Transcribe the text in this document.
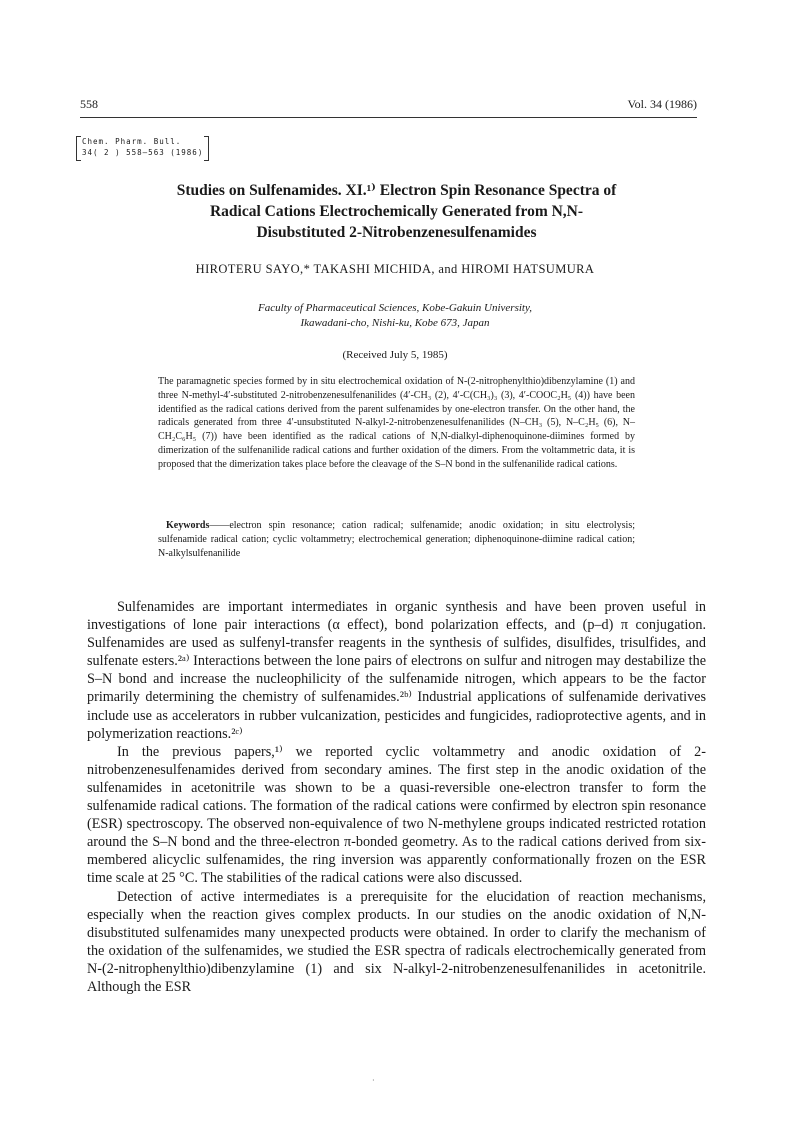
558	Vol. 34 (1986)
Chem. Pharm. Bull.
34( 2 ) 558—563 (1986)
Studies on Sulfenamides. XI.¹⁾ Electron Spin Resonance Spectra of
Radical Cations Electrochemically Generated from N,N-
Disubstituted 2-Nitrobenzenesulfenamides
HIROTERU SAYO,* TAKASHI MICHIDA, and HIROMI HATSUMURA
Faculty of Pharmaceutical Sciences, Kobe-Gakuin University,
Ikawadani-cho, Nishi-ku, Kobe 673, Japan
(Received July 5, 1985)
The paramagnetic species formed by in situ electrochemical oxidation of N-(2-nitrophenylthio)dibenzylamine (1) and three N-methyl-4′-substituted 2-nitrobenzenesulfenanilides (4′-CH₃ (2), 4′-C(CH₃)₃ (3), 4′-COOC₂H₅ (4)) have been identified as the radical cations derived from the parent sulfenamides by one-electron transfer. On the other hand, the radicals generated from three 4′-unsubstituted N-alkyl-2-nitrobenzenesulfenanilides (N–CH₃ (5), N–C₂H₅ (6), N–CH₂C₆H₅ (7)) have been identified as the radical cations of N,N-dialkyl-diphenoquinone-diimines formed by dimerization of the sulfenanilide radical cations and further oxidation of the dimers. From the voltammetric data, it is proposed that the dimerization takes place before the cleavage of the S–N bond in the sulfenanilide radical cations.
Keywords——electron spin resonance; cation radical; sulfenamide; anodic oxidation; in situ electrolysis; sulfenamide radical cation; cyclic voltammetry; electrochemical generation; diphenoquinone-diimine radical cation; N-alkylsulfenanilide

Sulfenamides are important intermediates in organic synthesis and have been proven useful in investigations of lone pair interactions (α effect), bond polarization effects, and (p–d) π conjugation. Sulfenamides are used as sulfenyl-transfer reagents in the synthesis of sulfides, disulfides, trisulfides, and sulfenate esters.²ᵃ⁾ Interactions between the lone pairs of electrons on sulfur and nitrogen may destabilize the S–N bond and increase the nucleophilicity of the sulfenamide nitrogen, which appears to be the factor primarily determining the chemistry of sulfenamides.²ᵇ⁾ Industrial applications of sulfenamide derivatives include use as accelerators in rubber vulcanization, pesticides and fungicides, radioprotective agents, and in polymerization reactions.²ᶜ⁾

In the previous papers,¹⁾ we reported cyclic voltammetry and anodic oxidation of 2-nitrobenzenesulfenamides derived from secondary amines. The first step in the anodic oxidation of the sulfenamides in acetonitrile was shown to be a quasi-reversible one-electron transfer to form the sulfenamide radical cations. The formation of the radical cations were confirmed by electron spin resonance (ESR) spectroscopy. The observed non-equivalence of two N-methylene groups indicated restricted rotation around the S–N bond and the three-electron π-bonded geometry. As to the radical cations derived from six-membered alicyclic sulfenamides, the ring inversion was apparently conformationally frozen on the ESR time scale at 25 °C. The stabilities of the radical cations were also discussed.

Detection of active intermediates is a prerequisite for the elucidation of reaction mechanisms, especially when the reaction gives complex products. In our studies on the anodic oxidation of N,N-disubstituted sulfenamides many unexpected products were obtained. In order to clarify the mechanism of the oxidation of the sulfenamides, we studied the ESR spectra of radicals electrochemically generated from N-(2-nitrophenylthio)dibenzylamine (1) and six N-alkyl-2-nitrobenzenesulfenanilides in acetonitrile. Although the ESR

·
